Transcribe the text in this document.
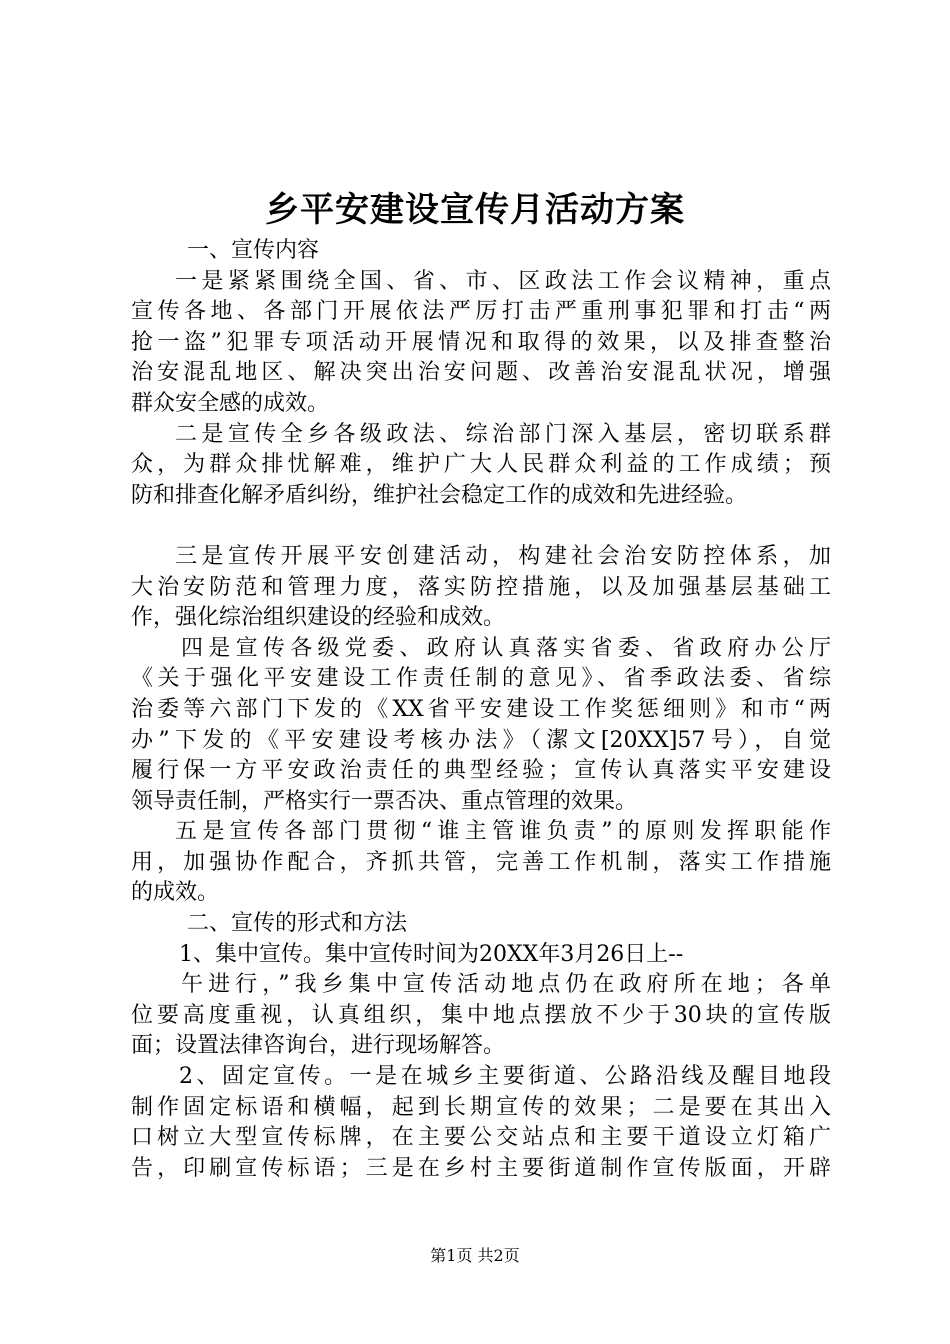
乡平安建设宣传月活动方案
一、宣传内容
一是紧紧围绕全国、省、市、区政法工作会议精神，重点
宣传各地、各部门开展依法严厉打击严重刑事犯罪和打击“两
抢一盗”犯罪专项活动开展情况和取得的效果，以及排查整治
治安混乱地区、解决突出治安问题、改善治安混乱状况，增强
群众安全感的成效。
二是宣传全乡各级政法、综治部门深入基层，密切联系群
众，为群众排忧解难，维护广大人民群众利益的工作成绩；预
防和排查化解矛盾纠纷，维护社会稳定工作的成效和先进经验。
三是宣传开展平安创建活动，构建社会治安防控体系，加
大治安防范和管理力度，落实防控措施，以及加强基层基础工
作，强化综治组织建设的经验和成效。
四是宣传各级党委、政府认真落实省委、省政府办公厅
《关于强化平安建设工作责任制的意见》、省季政法委、省综
治委等六部门下发的《XX省平安建设工作奖惩细则》和市“两
办”下发的《平安建设考核办法》（潔文[20XX]57号），自觉
履行保一方平安政治责任的典型经验；宣传认真落实平安建设
领导责任制，严格实行一票否决、重点管理的效果。
五是宣传各部门贯彻“谁主管谁负责”的原则发挥职能作
用，加强协作配合，齐抓共管，完善工作机制，落实工作措施
的成效。
二、宣传的形式和方法
1、集中宣传。集中宣传时间为20XX年3月26日上--
午进行，”我乡集中宣传活动地点仍在政府所在地；各单
位要高度重视，认真组织，集中地点摆放不少于30块的宣传版
面；设置法律咨询台，进行现场解答。
2、固定宣传。一是在城乡主要街道、公路沿线及醒目地段
制作固定标语和横幅，起到长期宣传的效果；二是要在其出入
口树立大型宣传标牌，在主要公交站点和主要干道设立灯箱广
告，印刷宣传标语；三是在乡村主要街道制作宣传版面，开辟
第1页 共2页
